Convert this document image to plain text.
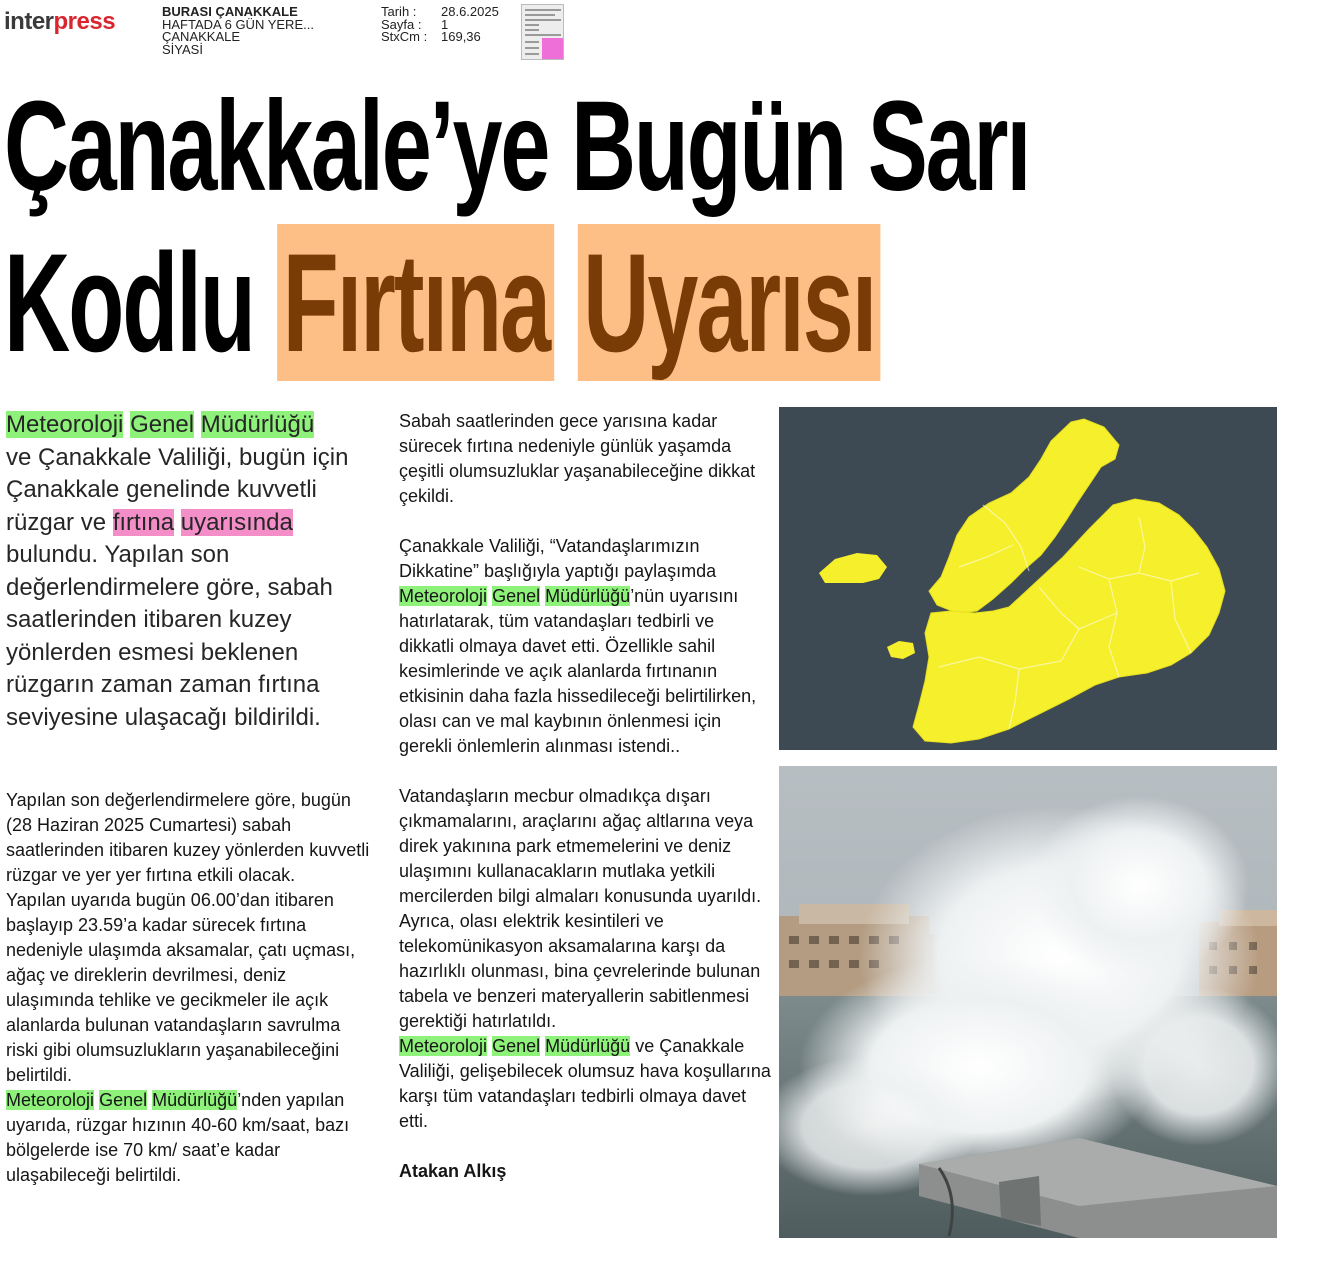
interpress	BURASI ÇANAKKALE
HAFTADA 6 GÜN YERE...
ÇANAKKALE
SİYASİ
Tarih : 28.6.2025
Sayfa : 1
StxCm : 169,36
Çanakkale’ye Bugün Sarı
Kodlu Fırtına Uyarısı

Meteoroloji Genel Müdürlüğü
ve Çanakkale Valiliği, bugün için Çanakkale genelinde kuvvetli rüzgar ve fırtına uyarısında bulundu. Yapılan son değerlendirmelere göre, sabah saatlerinden itibaren kuzey yönlerden esmesi beklenen rüzgarın zaman zaman fırtına seviyesine ulaşacağı bildirildi.

Yapılan son değerlendirmelere göre, bugün (28 Haziran 2025 Cumartesi) sabah saatlerinden itibaren kuzey yönlerden kuvvetli rüzgar ve yer yer fırtına etkili olacak.

Yapılan uyarıda bugün 06.00’dan itibaren başlayıp 23.59’a kadar sürecek fırtına nedeniyle ulaşımda aksamalar, çatı uçması, ağaç ve direklerin devrilmesi, deniz ulaşımında tehlike ve gecikmeler ile açık alanlarda bulunan vatandaşların savrulma riski gibi olumsuzlukların yaşanabileceğini belirtildi.

Meteoroloji Genel Müdürlüğü’nden yapılan uyarıda, rüzgar hızının 40-60 km/saat, bazı bölgelerde ise 70 km/ saat’e kadar ulaşabileceği belirtildi.

Sabah saatlerinden gece yarısına kadar sürecek fırtına nedeniyle günlük yaşamda çeşitli olumsuzluklar yaşanabileceğine dikkat çekildi.

Çanakkale Valiliği, “Vatandaşlarımızın Dikkatine” başlığıyla yaptığı paylaşımda Meteoroloji Genel Müdürlüğü’nün uyarısını hatırlatarak, tüm vatandaşları tedbirli ve dikkatli olmaya davet etti. Özellikle sahil kesimlerinde ve açık alanlarda fırtınanın etkisinin daha fazla hissedileceği belirtilirken, olası can ve mal kaybının önlenmesi için gerekli önlemlerin alınması istendi..

Vatandaşların mecbur olmadıkça dışarı çıkmamalarını, araçlarını ağaç altlarına veya direk yakınına park etmemelerini ve deniz ulaşımını kullanacakların mutlaka yetkili mercilerden bilgi almaları konusunda uyarıldı.

Ayrıca, olası elektrik kesintileri ve telekomünikasyon aksamalarına karşı da hazırlıklı olunması, bina çevrelerinde bulunan tabela ve benzeri materyallerin sabitlenmesi gerektiği hatırlatıldı.

Meteoroloji Genel Müdürlüğü ve Çanakkale Valiliği, gelişebilecek olumsuz hava koşullarına karşı tüm vatandaşları tedbirli olmaya davet etti.

Atakan Alkış
